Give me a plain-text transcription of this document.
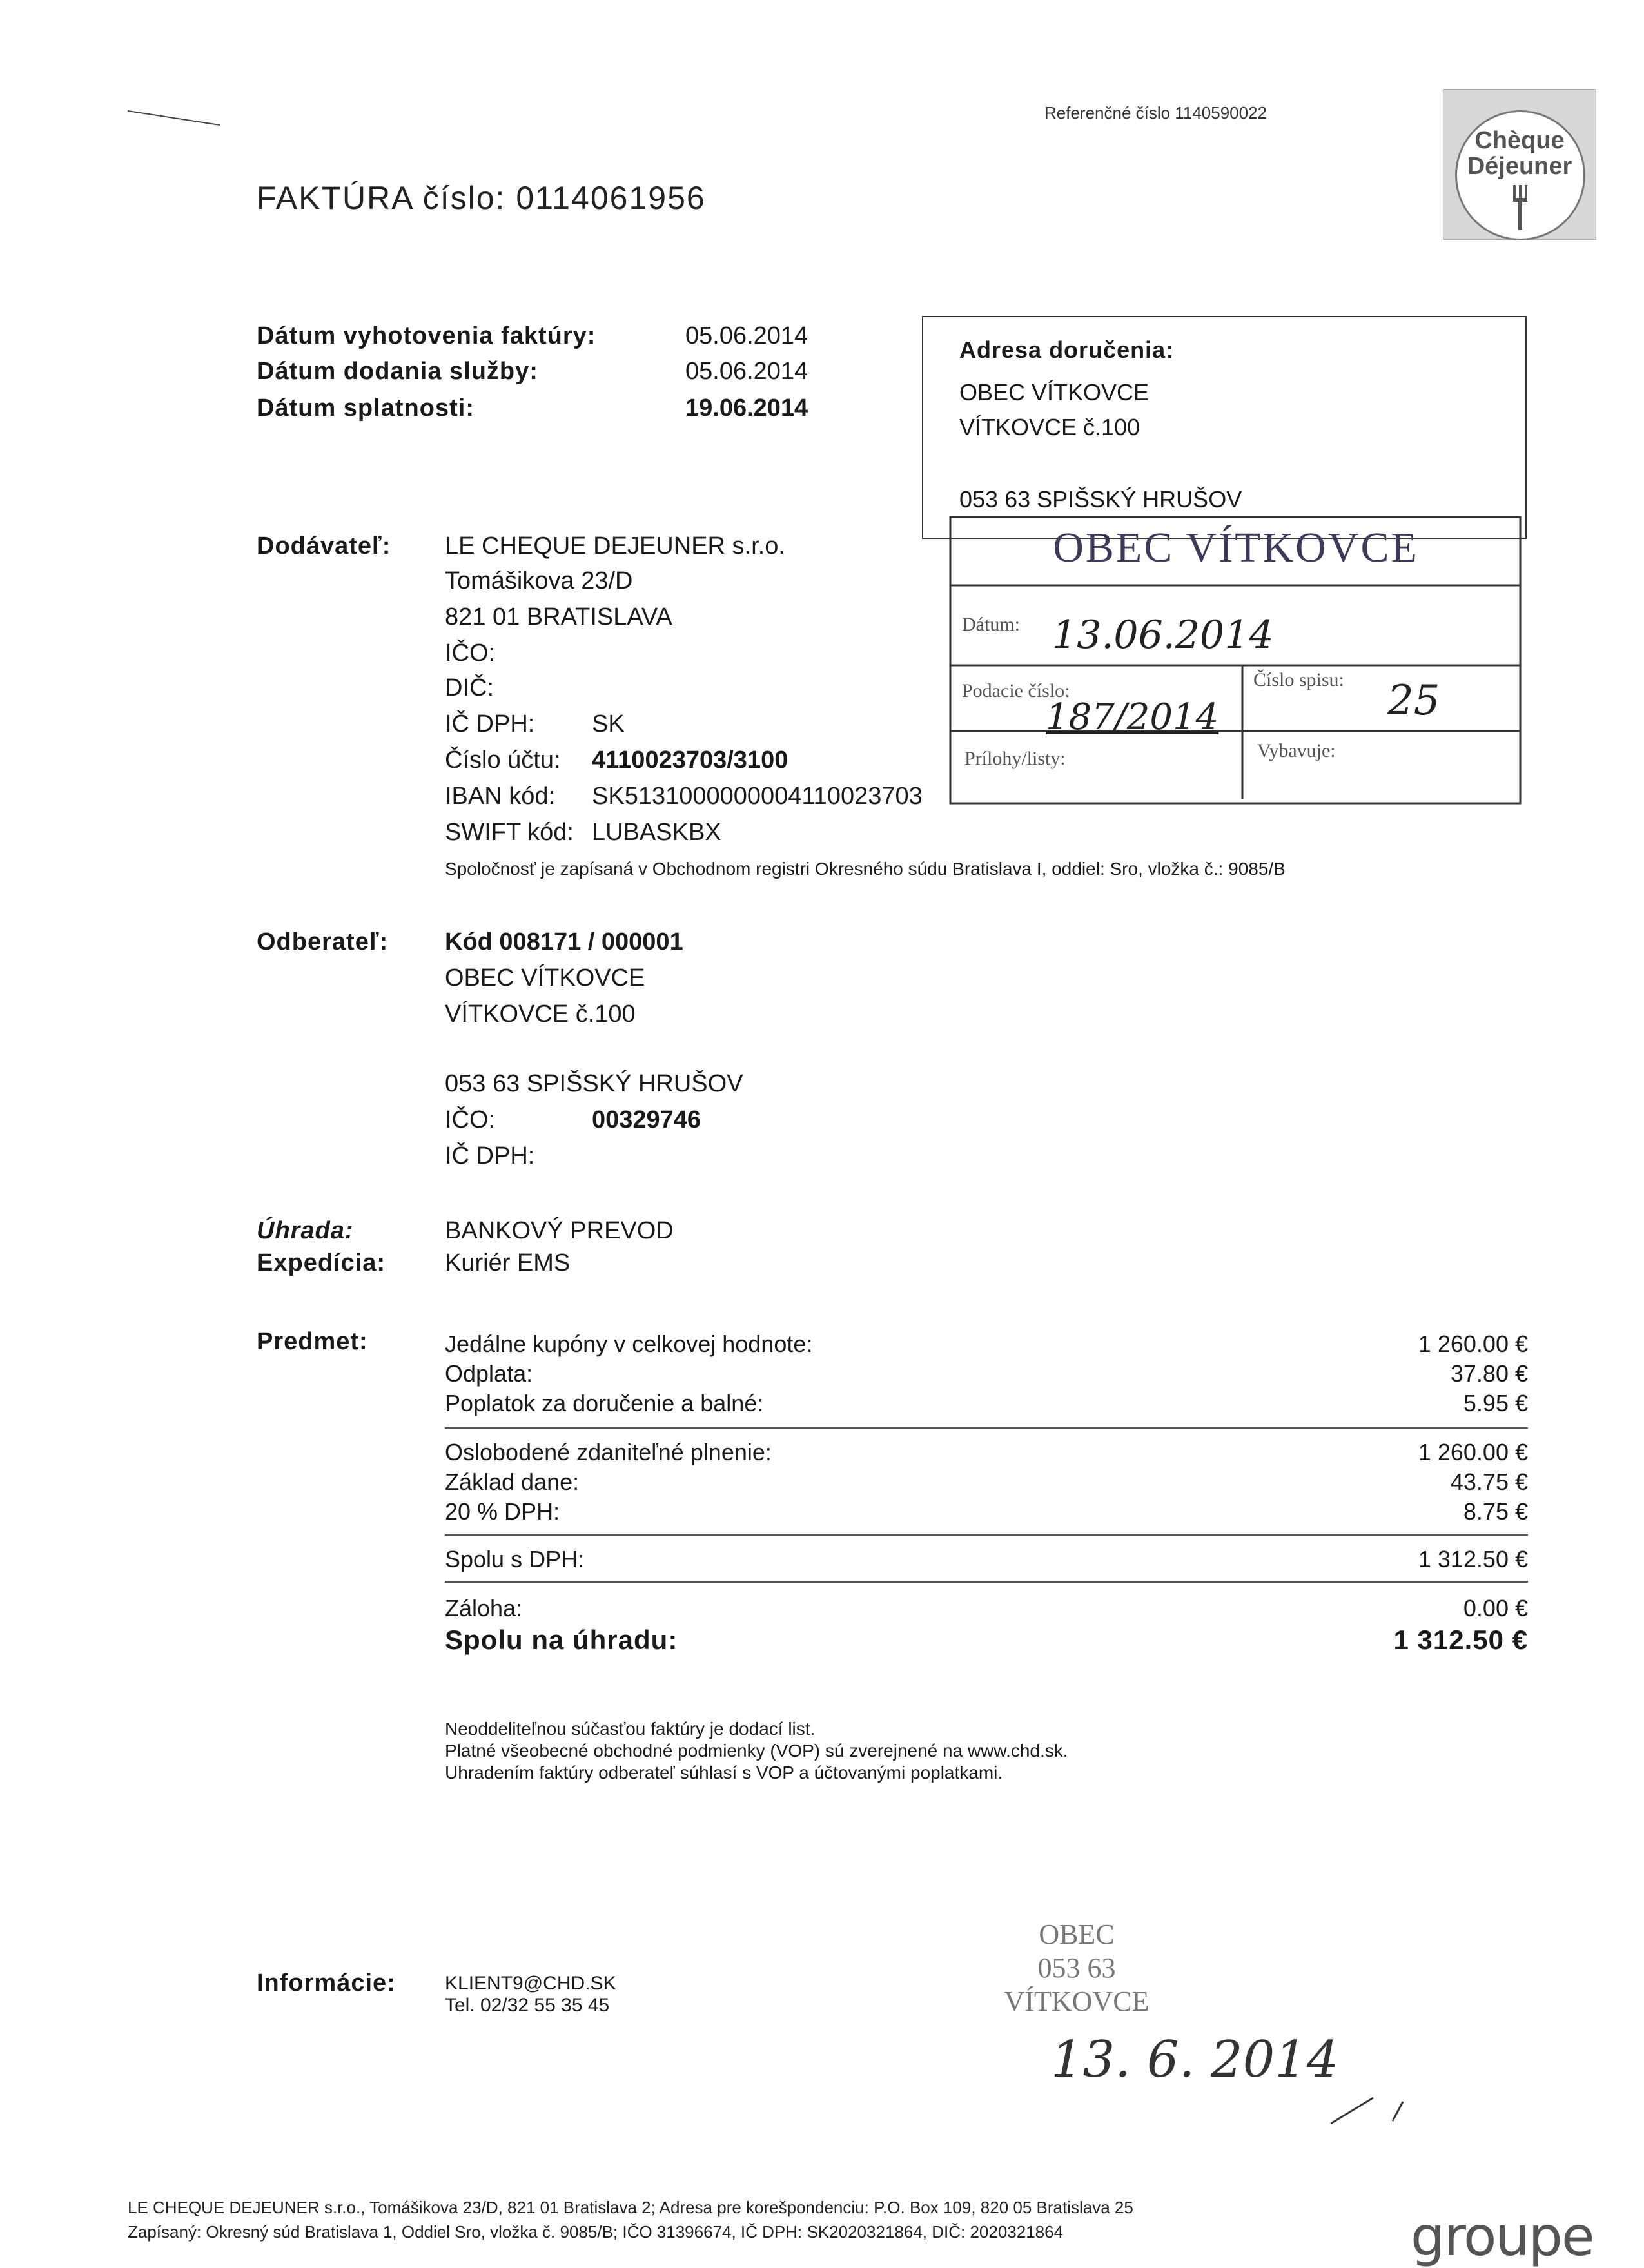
Referenčné číslo 1140590022
Chèque
Déjeuner
FAKTÚRA číslo: 0114061956
Dátum vyhotovenia faktúry:	05.06.2014
Dátum dodania služby:	05.06.2014
Dátum splatnosti:	19.06.2014
Adresa doručenia:
OBEC VÍTKOVCE
VÍTKOVCE č.100
053 63 SPIŠSKÝ HRUŠOV
OBEC VÍTKOVCE
Dátum: 13.06.2014
Podacie číslo:
187/2014
Číslo spisu: 25
Prílohy/listy:	Vybavuje:
Dodávateľ: LE CHEQUE DEJEUNER s.r.o.
Tomášikova 23/D
821 01 BRATISLAVA
IČO:
DIČ:
IČ DPH: SK
Číslo účtu: 4110023703/3100
IBAN kód: SK5131000000004110023703
SWIFT kód: LUBASKBX
Spoločnosť je zapísaná v Obchodnom registri Okresného súdu Bratislava I, oddiel: Sro, vložka č.: 9085/B
Odberateľ: Kód 008171 / 000001
OBEC VÍTKOVCE
VÍTKOVCE č.100
053 63 SPIŠSKÝ HRUŠOV
IČO:	00329746
IČ DPH:
Úhrada:	BANKOVÝ PREVOD
Expedícia: Kuriér EMS
Predmet:	Jedálne kupóny v celkovej hodnote:	1 260.00 €
Odplata:	37.80 €
Poplatok za doručenie a balné:	5.95 €
Oslobodené zdaniteľné plnenie:	1 260.00 €
Základ dane:	43.75 €
20 % DPH:	8.75 €
Spolu s DPH:	1 312.50 €
Záloha:	0.00 €
Spolu na úhradu:	1 312.50 €
Neoddeliteľnou súčasťou faktúry je dodací list.
Platné všeobecné obchodné podmienky (VOP) sú zverejnené na www.chd.sk.
Uhradením faktúry odberateľ súhlasí s VOP a účtovanými poplatkami.
Informácie:	KLIENT9@CHD.SK
Tel. 02/32 55 35 45
OBEC
053 63
VÍTKOVCE
13. 6. 2014
LE CHEQUE DEJEUNER s.r.o., Tomášikova 23/D, 821 01 Bratislava 2; Adresa pre korešpondenciu: P.O. Box 109, 820 05 Bratislava 25
Zapísaný: Okresný súd Bratislava 1, Oddiel Sro, vložka č. 9085/B; IČO 31396674, IČ DPH: SK2020321864, DIČ: 2020321864	groupe
